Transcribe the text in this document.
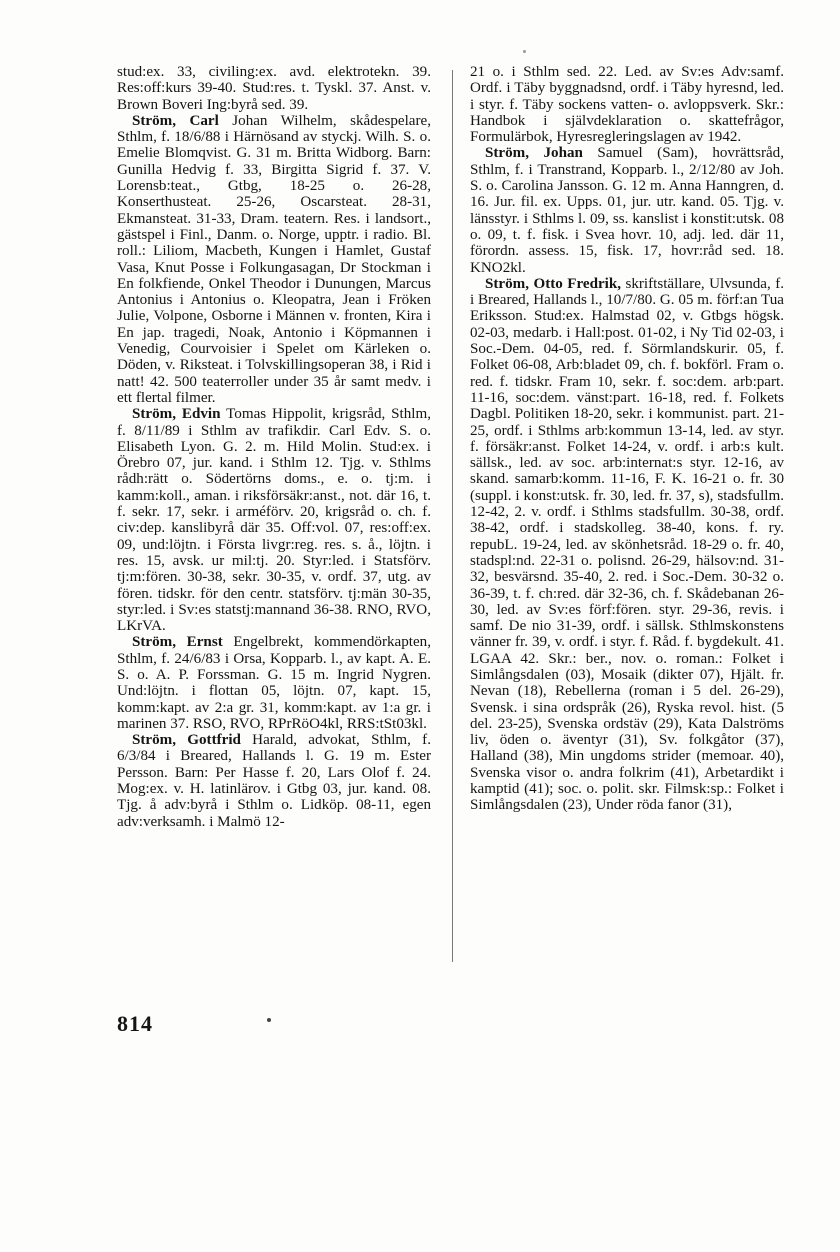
stud:ex. 33, civiling:ex. avd. elektrotekn. 39. Res:off:kurs 39-40. Stud:res. t. Tyskl. 37. Anst. v. Brown Boveri Ing:byrå sed. 39.

Ström, Carl Johan Wilhelm, skådespelare, Sthlm, f. 18/6/88 i Härnösand av styckj. Wilh. S. o. Emelie Blomqvist. G. 31 m. Britta Widborg. Barn: Gunilla Hedvig f. 33, Birgitta Sigrid f. 37. V. Lorensb:teat., Gtbg, 18-25 o. 26-28, Konserthusteat. 25-26, Oscarsteat. 28-31, Ekmansteat. 31-33, Dram. teatern. Res. i landsort., gästspel i Finl., Danm. o. Norge, upptr. i radio. Bl. roll.: Liliom, Macbeth, Kungen i Hamlet, Gustaf Vasa, Knut Posse i Folkungasagan, Dr Stockman i En folkfiende, Onkel Theodor i Dunungen, Marcus Antonius i Antonius o. Kleopatra, Jean i Fröken Julie, Volpone, Osborne i Männen v. fronten, Kira i En jap. tragedi, Noak, Antonio i Köpmannen i Venedig, Courvoisier i Spelet om Kärleken o. Döden, v. Riksteat. i Tolvskillingsoperan 38, i Rid i natt! 42. 500 teaterroller under 35 år samt medv. i ett flertal filmer.

Ström, Edvin Tomas Hippolit, krigsråd, Sthlm, f. 8/11/89 i Sthlm av trafikdir. Carl Edv. S. o. Elisabeth Lyon. G. 2. m. Hild Molin. Stud:ex. i Örebro 07, jur. kand. i Sthlm 12. Tjg. v. Sthlms rådh:rätt o. Södertörns doms., e. o. tj:m. i kamm:koll., aman. i riksförsäkr:anst., not. där 16, t. f. sekr. 17, sekr. i arméförv. 20, krigsråd o. ch. f. civ:dep. kanslibyrå där 35. Off:vol. 07, res:off:ex. 09, und:löjtn. i Första livgr:reg. res. s. å., löjtn. i res. 15, avsk. ur mil:tj. 20. Styr:led. i Statsförv. tj:m:fören. 30-38, sekr. 30-35, v. ordf. 37, utg. av fören. tidskr. för den centr. statsförv. tj:män 30-35, styr:led. i Sv:es statstj:mannand 36-38. RNO, RVO, LKrVA.

Ström, Ernst Engelbrekt, kommendörkapten, Sthlm, f. 24/6/83 i Orsa, Kopparb. l., av kapt. A. E. S. o. A. P. Forssman. G. 15 m. Ingrid Nygren. Und:löjtn. i flottan 05, löjtn. 07, kapt. 15, komm:kapt. av 2:a gr. 31, komm:kapt. av 1:a gr. i marinen 37. RSO, RVO, RPrRöO4kl, RRS:tSt03kl.

Ström, Gottfrid Harald, advokat, Sthlm, f. 6/3/84 i Breared, Hallands l. G. 19 m. Ester Persson. Barn: Per Hasse f. 20, Lars Olof f. 24. Mog:ex. v. H. latinlärov. i Gtbg 03, jur. kand. 08. Tjg. å adv:byrå i Sthlm o. Lidköp. 08-11, egen adv:verksamh. i Malmö 12-

21 o. i Sthlm sed. 22. Led. av Sv:es Adv:samf. Ordf. i Täby byggnadsnd, ordf. i Täby hyresnd, led. i styr. f. Täby sockens vatten- o. avloppsverk. Skr.: Handbok i självdeklaration o. skattefrågor, Formulärbok, Hyresregleringslagen av 1942.

Ström, Johan Samuel (Sam), hovrättsråd, Sthlm, f. i Transtrand, Kopparb. l., 2/12/80 av Joh. S. o. Carolina Jansson. G. 12 m. Anna Hanngren, d. 16. Jur. fil. ex. Upps. 01, jur. utr. kand. 05. Tjg. v. länsstyr. i Sthlms l. 09, ss. kanslist i konstit:utsk. 08 o. 09, t. f. fisk. i Svea hovr. 10, adj. led. där 11, förordn. assess. 15, fisk. 17, hovr:råd sed. 18. KNO2kl.

Ström, Otto Fredrik, skriftställare, Ulvsunda, f. i Breared, Hallands l., 10/7/80. G. 05 m. förf:an Tua Eriksson. Stud:ex. Halmstad 02, v. Gtbgs högsk. 02-03, medarb. i Hall:post. 01-02, i Ny Tid 02-03, i Soc.-Dem. 04-05, red. f. Sörmlandskurir. 05, f. Folket 06-08, Arb:bladet 09, ch. f. bokförl. Fram o. red. f. tidskr. Fram 10, sekr. f. soc:dem. arb:part. 11-16, soc:dem. vänst:part. 16-18, red. f. Folkets Dagbl. Politiken 18-20, sekr. i kommunist. part. 21-25, ordf. i Sthlms arb:kommun 13-14, led. av styr. f. försäkr:anst. Folket 14-24, v. ordf. i arb:s kult. sällsk., led. av soc. arb:internat:s styr. 12-16, av skand. samarb:komm. 11-16, F. K. 16-21 o. fr. 30 (suppl. i konst:utsk. fr. 30, led. fr. 37, s), stadsfullm. 12-42, 2. v. ordf. i Sthlms stadsfullm. 30-38, ordf. 38-42, ordf. i stadskolleg. 38-40, kons. f. ry. repubL. 19-24, led. av skönhetsråd. 18-29 o. fr. 40, stadspl:nd. 22-31 o. polisnd. 26-29, hälsov:nd. 31-32, besvärsnd. 35-40, 2. red. i Soc.-Dem. 30-32 o. 36-39, t. f. ch:red. där 32-36, ch. f. Skådebanan 26-30, led. av Sv:es förf:fören. styr. 29-36, revis. i samf. De nio 31-39, ordf. i sällsk. Sthlmskonstens vänner fr. 39, v. ordf. i styr. f. Råd. f. bygdekult. 41. LGAA 42. Skr.: ber., nov. o. roman.: Folket i Simlångsdalen (03), Mosaik (dikter 07), Hjält. fr. Nevan (18), Rebellerna (roman i 5 del. 26-29), Svensk. i sina ordspråk (26), Ryska revol. hist. (5 del. 23-25), Svenska ordstäv (29), Kata Dalströms liv, öden o. äventyr (31), Sv. folkgåtor (37), Halland (38), Min ungdoms strider (memoar. 40), Svenska visor o. andra folkrim (41), Arbetardikt i kamptid (41); soc. o. polit. skr. Filmsk:sp.: Folket i Simlångsdalen (23), Under röda fanor (31),

814
